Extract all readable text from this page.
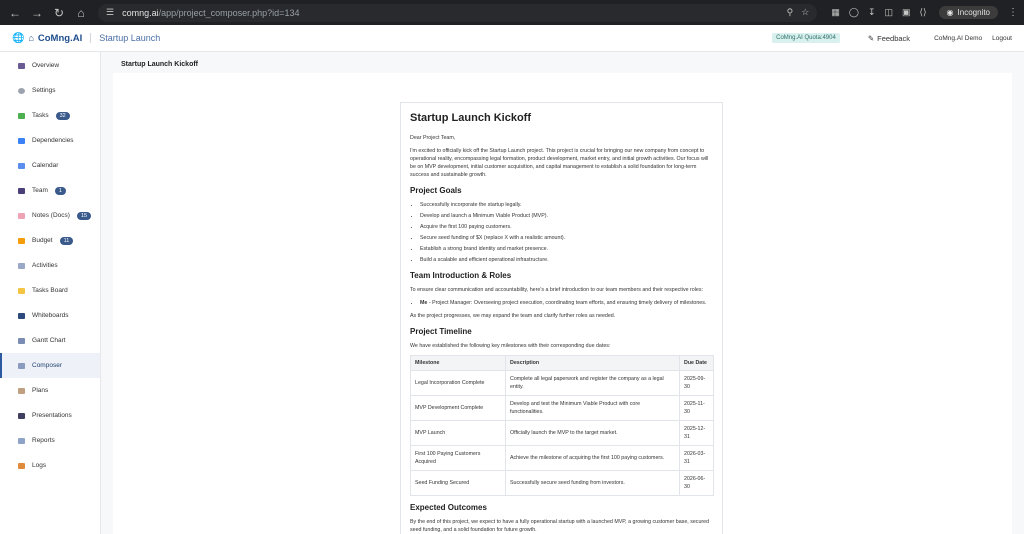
← → ↻	⌂	☰ comng.ai /app/project_composer.php?id=134	⚲ ☆ ▦ ◯ ↧ ◫ ▣ ⟨⟩	◉ Incognito ⋮
🌐 ⌂ CoMng.AI	Startup Launch	CoMng.AI Quota:4904	✎ Feedback	CoMng.AI Demo Logout
Overview
Settings
Tasks	32
Dependencies
Calendar
Team	1
Notes (Docs)	15
Budget	11
Activities
Tasks Board
Whiteboards
Gantt Chart
Composer
Plans
Presentations
Reports
Logs
Startup Launch Kickoff
Startup Launch Kickoff

Dear Project Team,

I'm excited to officially kick off the Startup Launch project. This project is crucial for bringing our new company from concept to operational reality, encompassing legal formation, product development, market entry, and initial growth activities. Our focus will be on MVP development, initial customer acquisition, and capital management to establish a solid foundation for long-term success and sustainable growth.

Project Goals
• Successfully incorporate the startup legally.
• Develop and launch a Minimum Viable Product (MVP).
• Acquire the first 100 paying customers.
• Secure seed funding of $X (replace X with a realistic amount).
• Establish a strong brand identity and market presence.
• Build a scalable and efficient operational infrastructure.
Team Introduction & Roles

To ensure clear communication and accountability, here's a brief introduction to our team members and their respective roles:

• Me - Project Manager: Overseeing project execution, coordinating team efforts, and ensuring timely delivery of milestones.

As the project progresses, we may expand the team and clarify further roles as needed.

Project Timeline

We have established the following key milestones with their corresponding due dates:

Milestone	Description	Due Date
Legal Incorporation Complete	Complete all legal paperwork and register the company as a legal entity.	2025-09-30
MVP Development Complete	Develop and test the Minimum Viable Product with core functionalities.	2025-11-30
MVP Launch	Officially launch the MVP to the target market.	2025-12-31
First 100 Paying Customers Acquired	Achieve the milestone of acquiring the first 100 paying customers.	2026-03-31
Seed Funding Secured	Successfully secure seed funding from investors.	2026-06-30
Expected Outcomes

By the end of this project, we expect to have a fully operational startup with a launched MVP, a growing customer base, secured seed funding, and a solid foundation for future growth.
